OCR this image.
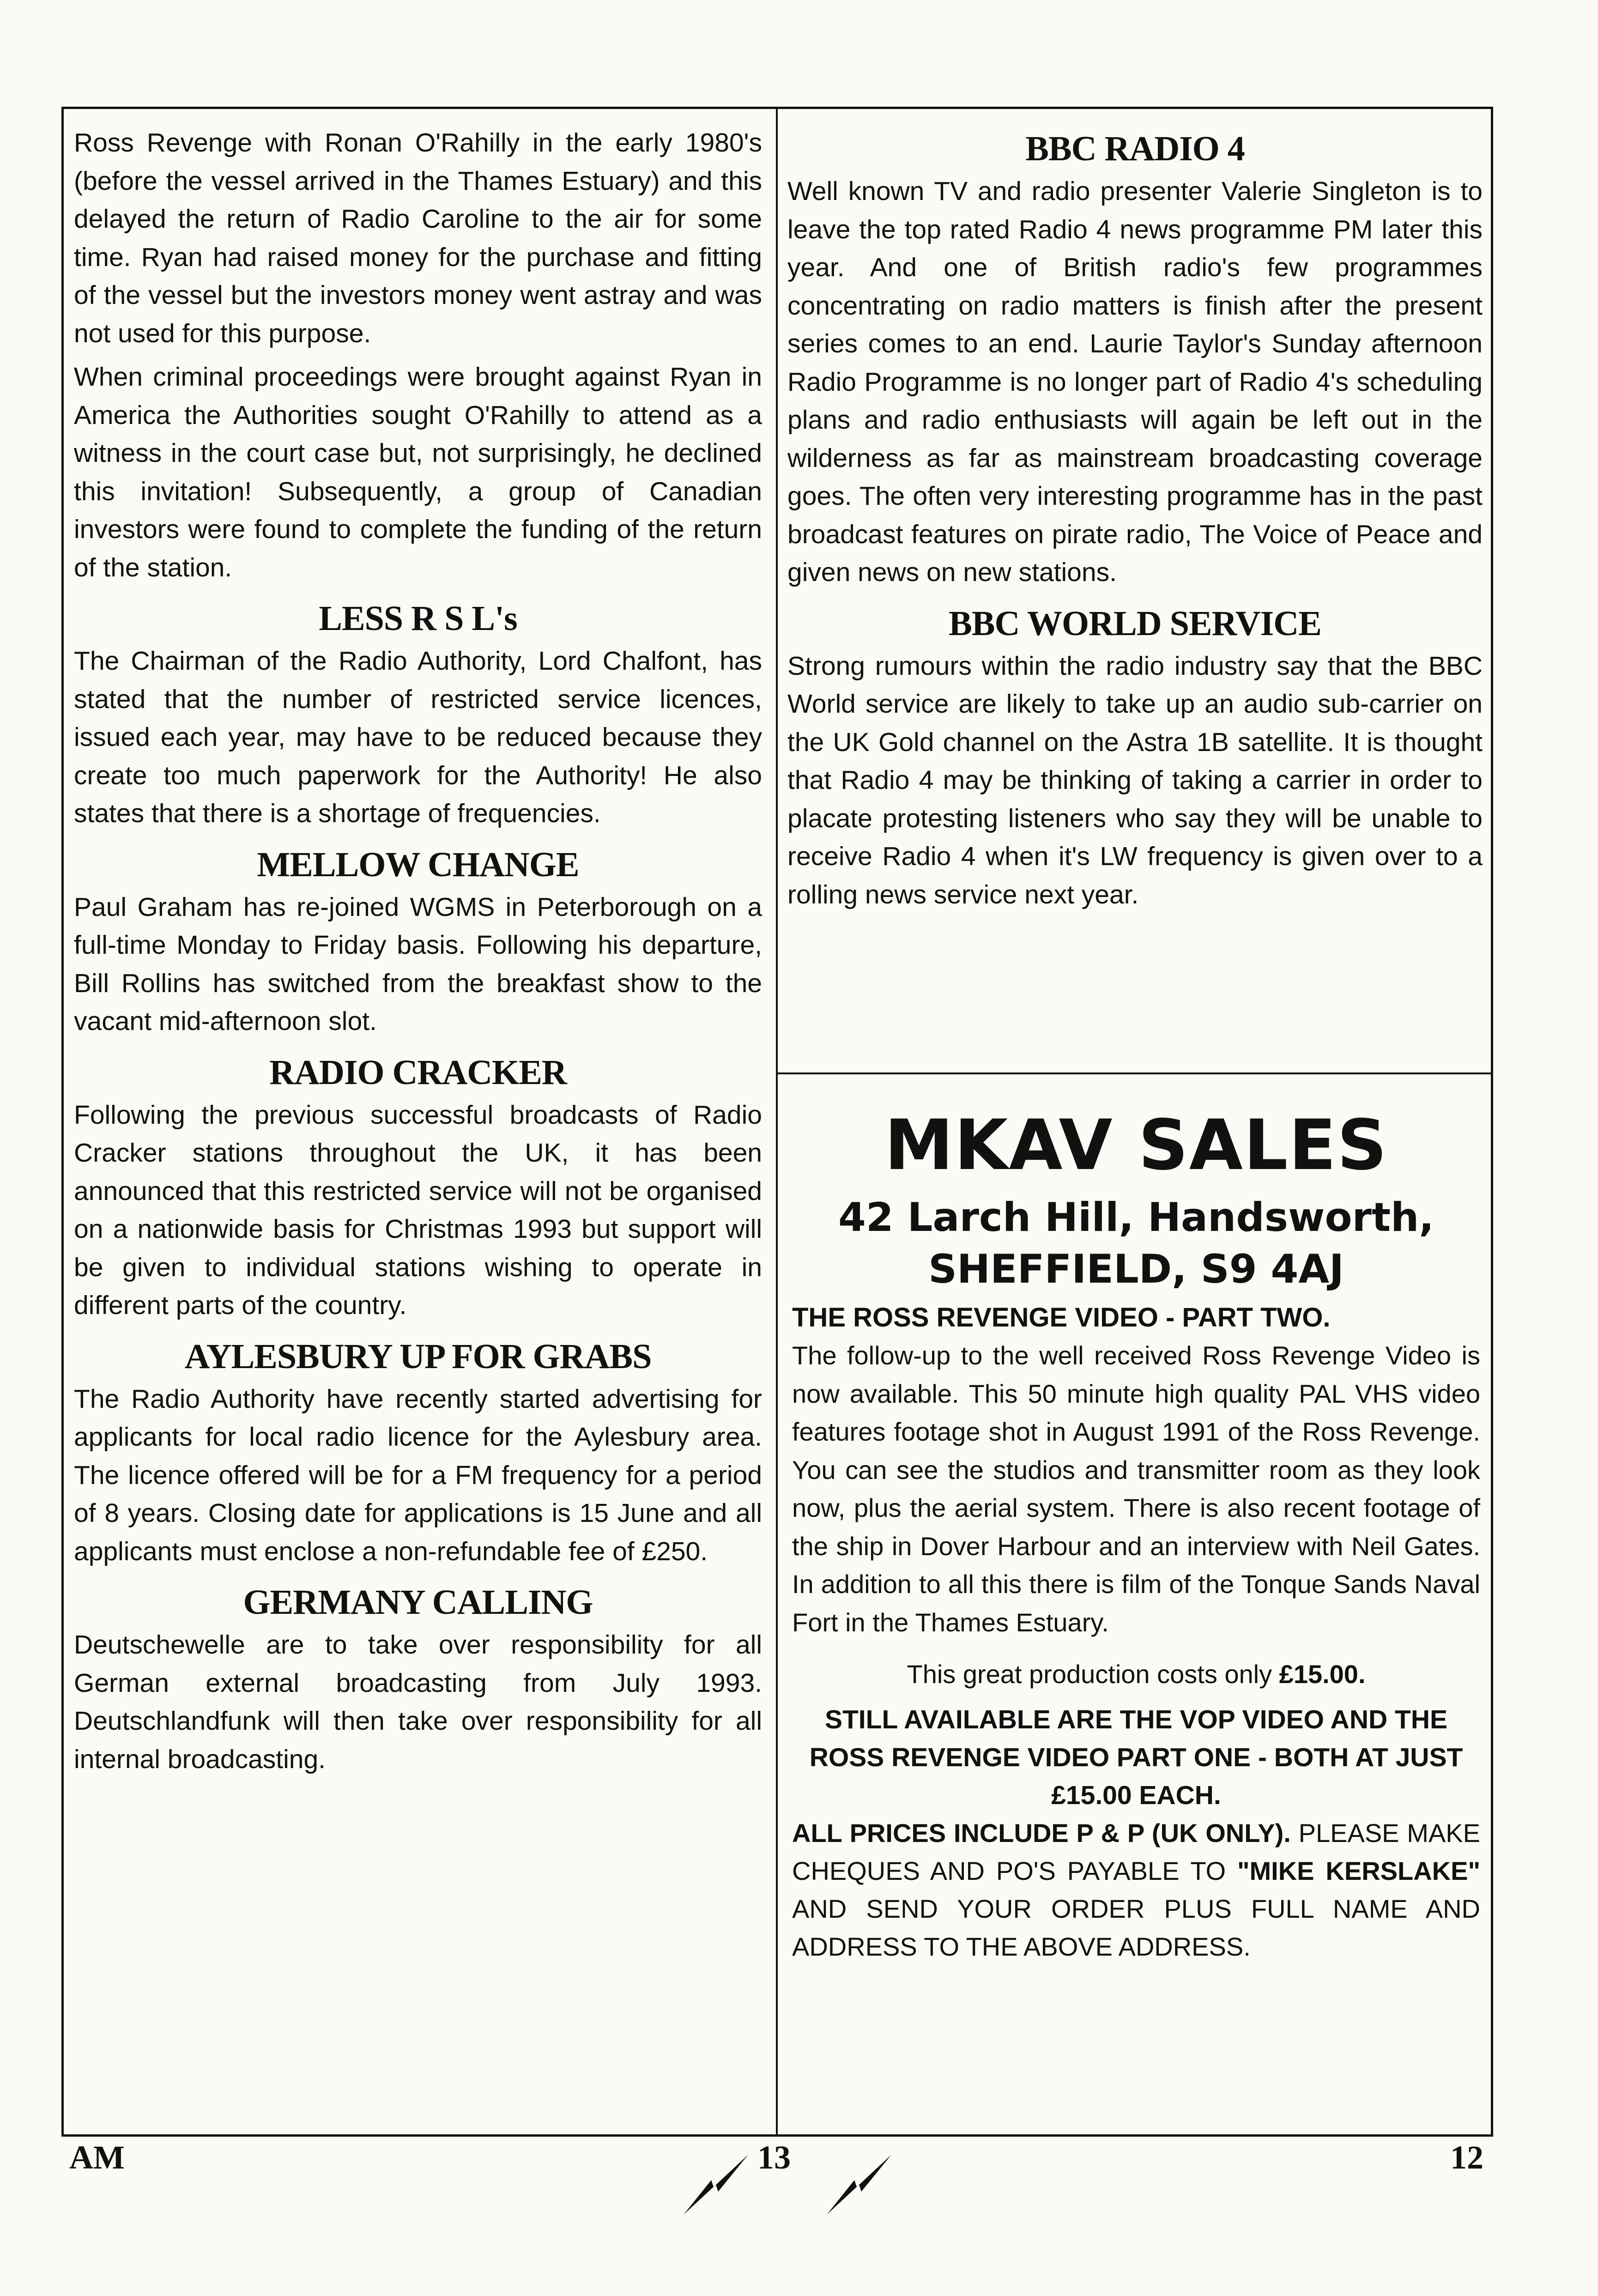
Ross Revenge with Ronan O'Rahilly in the early 1980's (before the vessel arrived in the Thames Estuary) and this delayed the return of Radio Caroline to the air for some time. Ryan had raised money for the purchase and fitting of the vessel but the investors money went astray and was not used for this purpose.

When criminal proceedings were brought against Ryan in America the Authorities sought O'Rahilly to attend as a witness in the court case but, not surprisingly, he declined this invitation! Subsequently, a group of Canadian investors were found to complete the funding of the return of the station.

LESS R S L's

The Chairman of the Radio Authority, Lord Chalfont, has stated that the number of restricted service licences, issued each year, may have to be reduced because they create too much paperwork for the Authority! He also states that there is a shortage of frequencies.

MELLOW CHANGE

Paul Graham has re-joined WGMS in Peterborough on a full-time Monday to Friday basis. Following his departure, Bill Rollins has switched from the breakfast show to the vacant mid-afternoon slot.

RADIO CRACKER

Following the previous successful broadcasts of Radio Cracker stations throughout the UK, it has been announced that this restricted service will not be organised on a nationwide basis for Christmas 1993 but support will be given to individual stations wishing to operate in different parts of the country.

AYLESBURY UP FOR GRABS

The Radio Authority have recently started advertising for applicants for local radio licence for the Aylesbury area. The licence offered will be for a FM frequency for a period of 8 years. Closing date for applications is 15 June and all applicants must enclose a non-refundable fee of £250.

GERMANY CALLING

Deutschewelle are to take over responsibility for all German external broadcasting from July 1993. Deutschlandfunk will then take over responsibility for all internal broadcasting.

BBC RADIO 4

Well known TV and radio presenter Valerie Singleton is to leave the top rated Radio 4 news programme PM later this year. And one of British radio's few programmes concentrating on radio matters is finish after the present series comes to an end. Laurie Taylor's Sunday afternoon Radio Programme is no longer part of Radio 4's scheduling plans and radio enthusiasts will again be left out in the wilderness as far as mainstream broadcasting coverage goes. The often very interesting programme has in the past broadcast features on pirate radio, The Voice of Peace and given news on new stations.

BBC WORLD SERVICE

Strong rumours within the radio industry say that the BBC World service are likely to take up an audio sub-carrier on the UK Gold channel on the Astra 1B satellite. It is thought that Radio 4 may be thinking of taking a carrier in order to placate protesting listeners who say they will be unable to receive Radio 4 when it's LW frequency is given over to a rolling news service next year.

MKAV SALES
42 Larch Hill, Handsworth,
SHEFFIELD, S9 4AJ
THE ROSS REVENGE VIDEO - PART TWO.
The follow-up to the well received Ross Revenge Video is now available. This 50 minute high quality PAL VHS video features footage shot in August 1991 of the Ross Revenge. You can see the studios and transmitter room as they look now, plus the aerial system. There is also recent footage of the ship in Dover Harbour and an interview with Neil Gates. In addition to all this there is film of the Tonque Sands Naval Fort in the Thames Estuary.
This great production costs only £15.00.
STILL AVAILABLE ARE THE VOP VIDEO AND THE ROSS REVENGE VIDEO PART ONE - BOTH AT JUST £15.00 EACH.
ALL PRICES INCLUDE P & P (UK ONLY). PLEASE MAKE CHEQUES AND PO'S PAYABLE TO "MIKE KERSLAKE" AND SEND YOUR ORDER PLUS FULL NAME AND ADDRESS TO THE ABOVE ADDRESS.
AM	13	12
